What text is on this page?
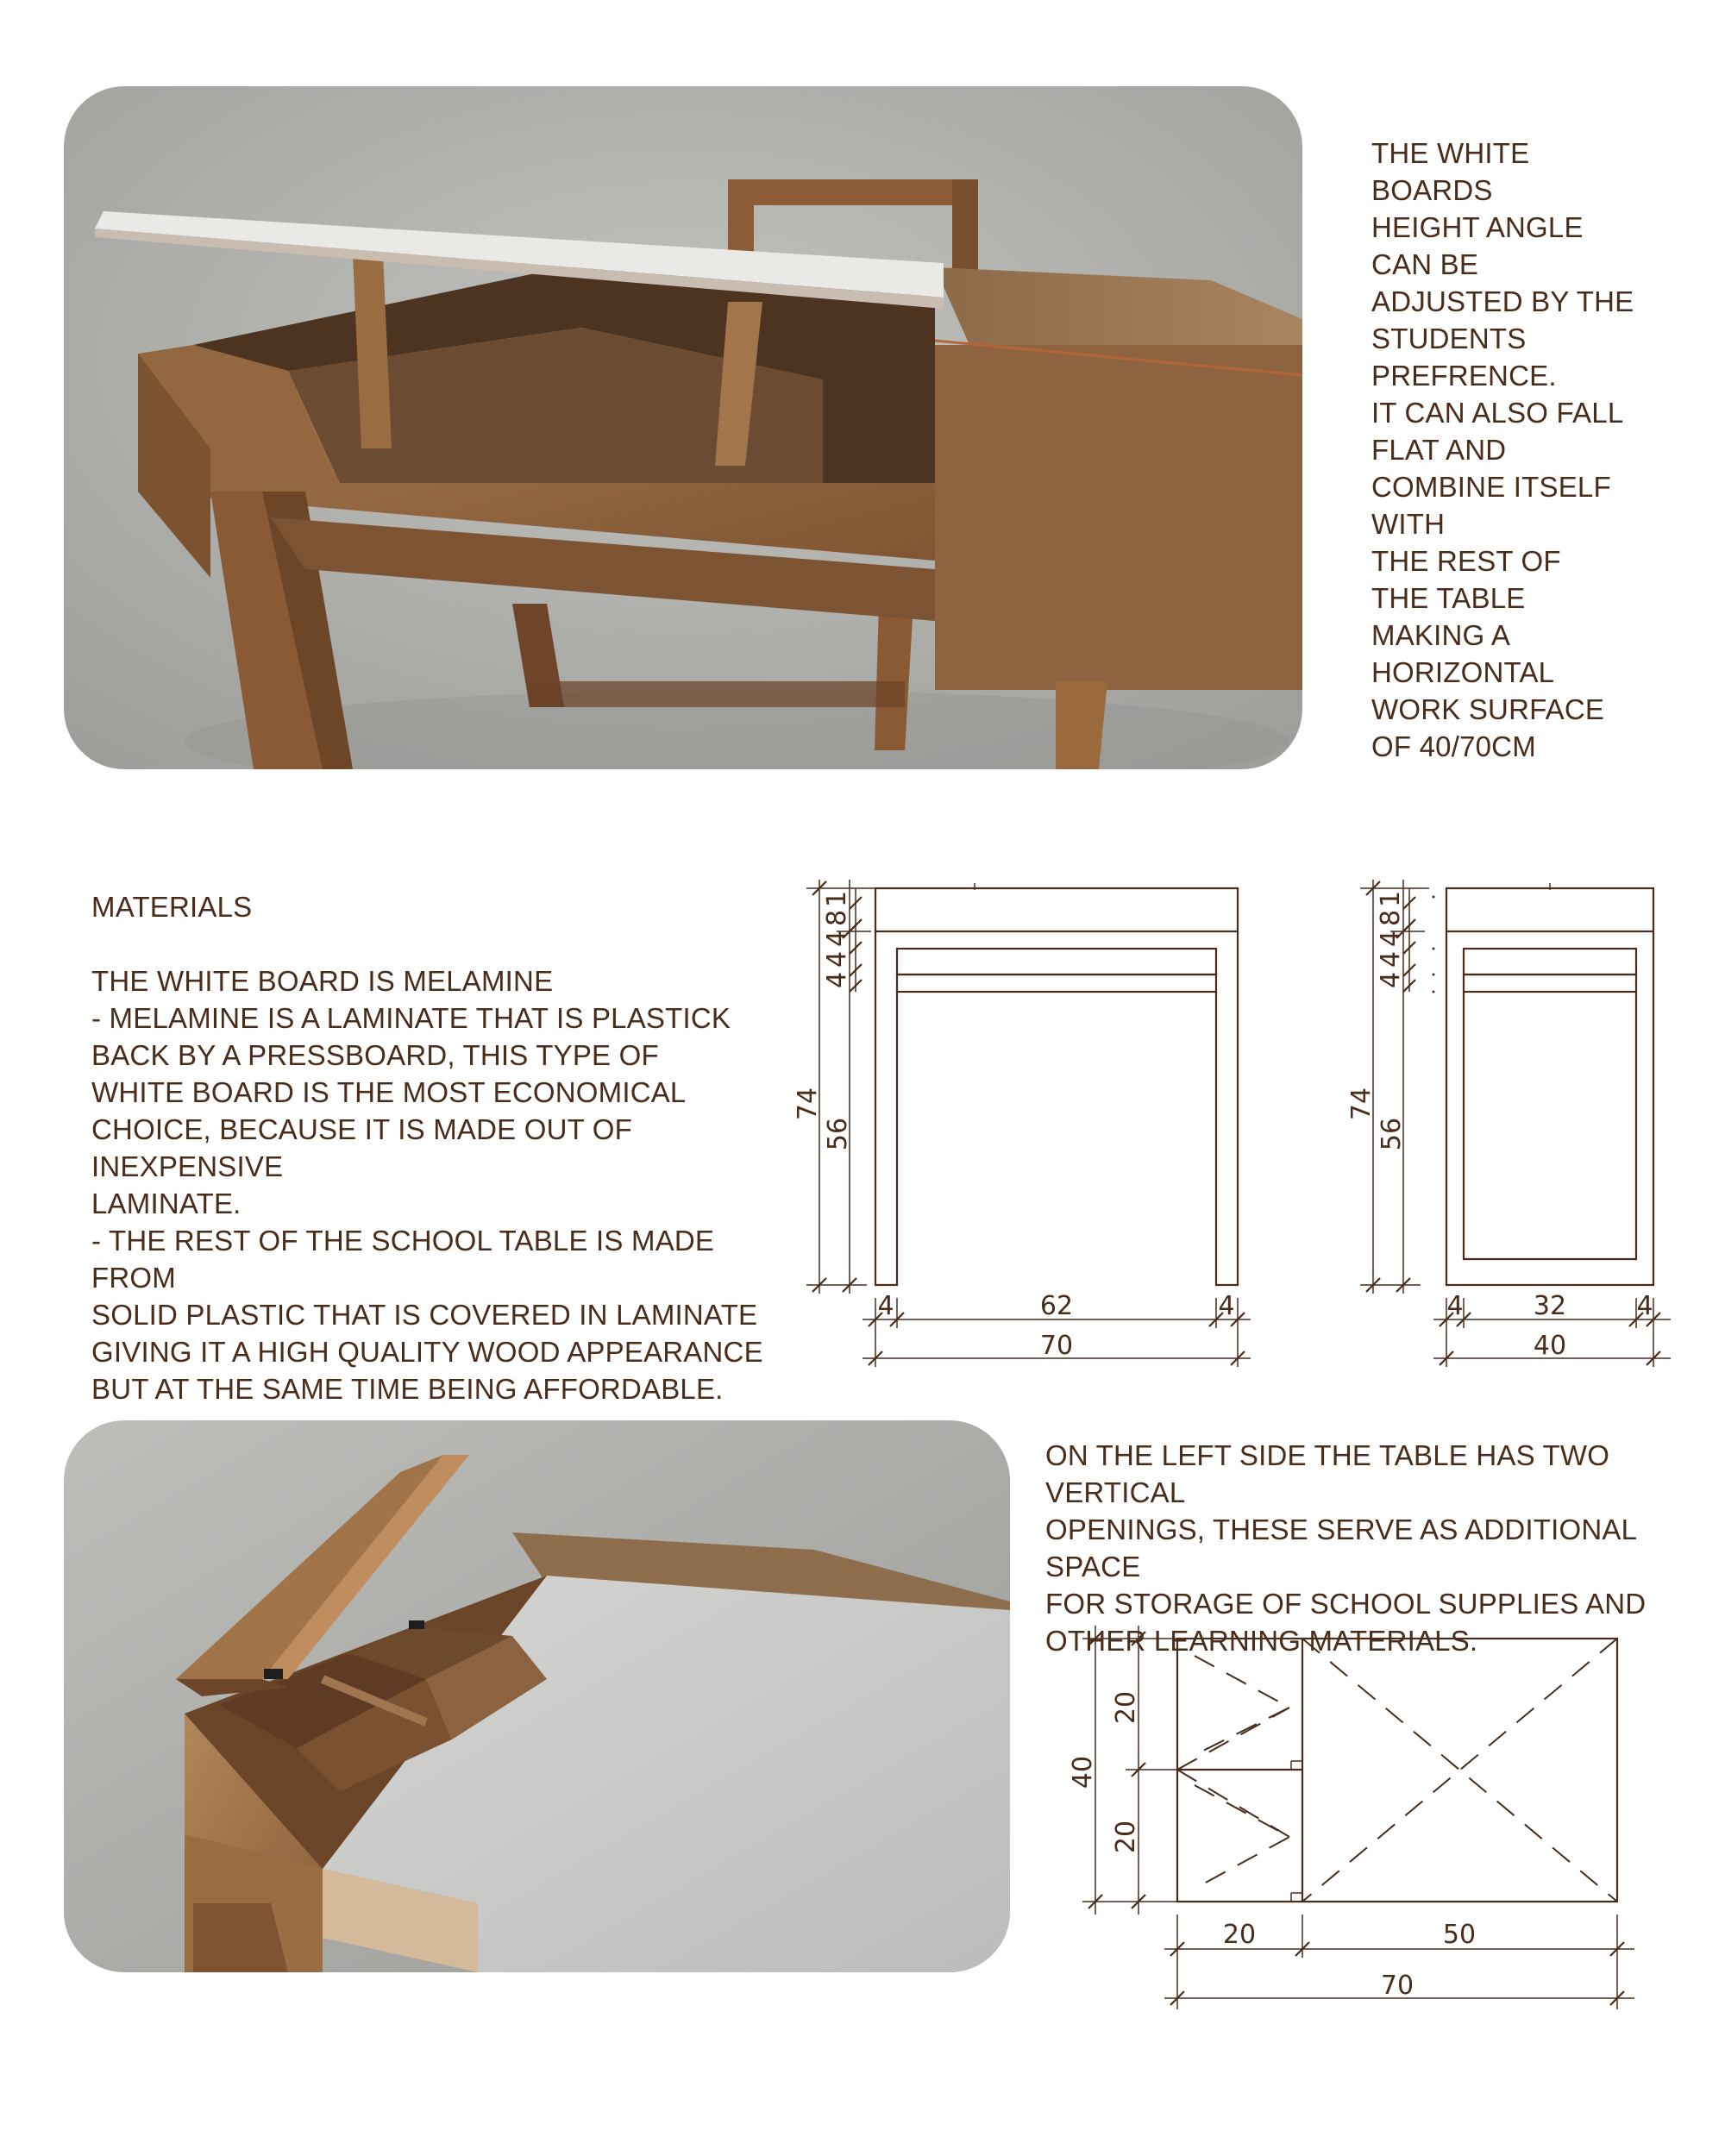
THE WHITE

BOARDS

HEIGHT ANGLE

CAN BE

ADJUSTED BY THE

STUDENTS

PREFRENCE.

IT CAN ALSO FALL

FLAT AND

COMBINE ITSELF

WITH

THE REST OF

THE TABLE

MAKING A

HORIZONTAL

WORK SURFACE

OF 40/70CM

MATERIALS

THE WHITE BOARD IS MELAMINE

- MELAMINE IS A LAMINATE THAT IS PLASTICK

BACK BY A PRESSBOARD, THIS TYPE OF

WHITE BOARD IS THE MOST ECONOMICAL

CHOICE, BECAUSE IT IS MADE OUT OF INEXPENSIVE

LAMINATE.

- THE REST OF THE SCHOOL TABLE IS MADE FROM

SOLID PLASTIC THAT IS COVERED IN LAMINATE

GIVING IT A HIGH QUALITY WOOD APPEARANCE

BUT AT THE SAME TIME BEING AFFORDABLE.

1
8
4
4
4
74
56
4	62	4
70
1
8
4
4
4
74
56
4	32	4
40

ON THE LEFT SIDE THE TABLE HAS TWO VERTICAL

OPENINGS, THESE SERVE AS ADDITIONAL SPACE

FOR STORAGE OF SCHOOL SUPPLIES AND

OTHER LEARNING MATERIALS.

40
20
20
20	50
70
